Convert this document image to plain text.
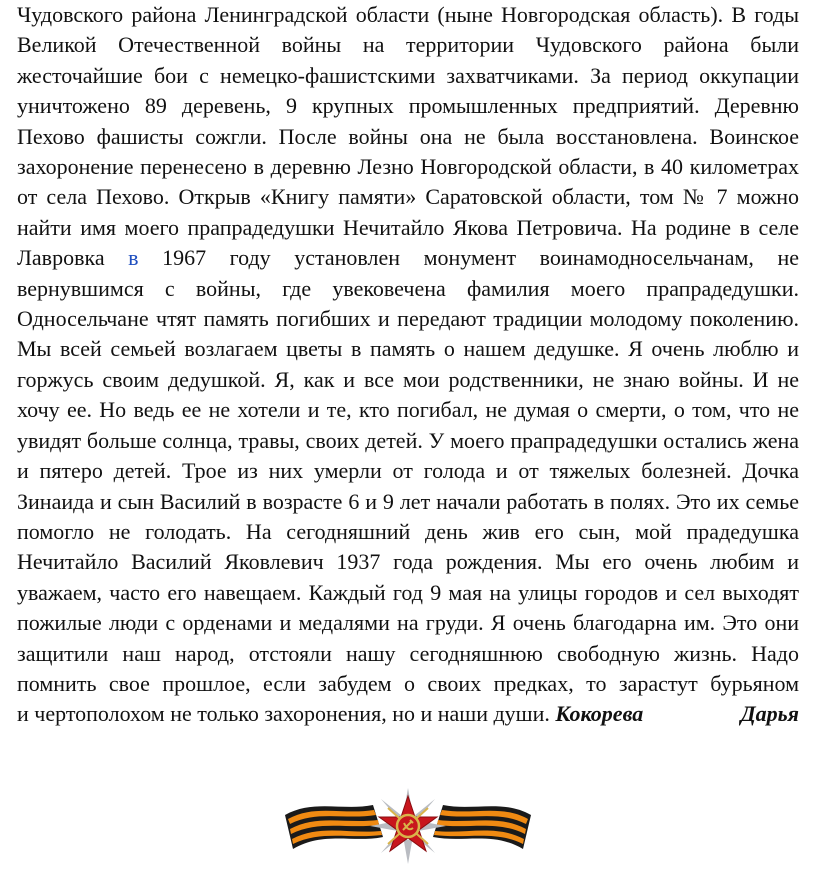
Чудовского района Ленинградской области (ныне Новгородская область). В годы Великой Отечественной войны на территории Чудовского района были жесточайшие бои с немецко-фашистскими захватчиками. За период оккупации уничтожено 89 деревень, 9 крупных промышленных предприятий. Деревню Пехово фашисты сожгли. После войны она не была восстановлена. Воинское захоронение перенесено в деревню Лезно Новгородской области, в 40 километрах от села Пехово. Открыв «Книгу памяти» Саратовской области, том № 7 можно найти имя моего прапрадедушки Нечитайло Якова Петровича. На родине в селе Лавровка в 1967 году установлен монумент воинамодносельчанам, не вернувшимся с войны, где увековечена фамилия моего прапрадедушки. Односельчане чтят память погибших и передают традиции молодому поколению. Мы всей семьей возлагаем цветы в память о нашем дедушке. Я очень люблю и горжусь своим дедушкой. Я, как и все мои родственники, не знаю войны. И не хочу ее. Но ведь ее не хотели и те, кто погибал, не думая о смерти, о том, что не увидят больше солнца, травы, своих детей. У моего прапрадедушки остались жена и пятеро детей. Трое из них умерли от голода и от тяжелых болезней. Дочка Зинаида и сын Василий в возрасте 6 и 9 лет начали работать в полях. Это их семье помогло не голодать. На сегодняшний день жив его сын, мой прадедушка Нечитайло Василий Яковлевич 1937 года рождения. Мы его очень любим и уважаем, часто его навещаем. Каждый год 9 мая на улицы городов и сел выходят пожилые люди с орденами и медалями на груди. Я очень благодарна им. Это они защитили наш народ, отстояли нашу сегодняшнюю свободную жизнь. Надо помнить свое прошлое, если забудем о своих предках, то зарастут бурьяном
Дарья
и чертополохом не только захоронения, но и наши души. Кокорева
